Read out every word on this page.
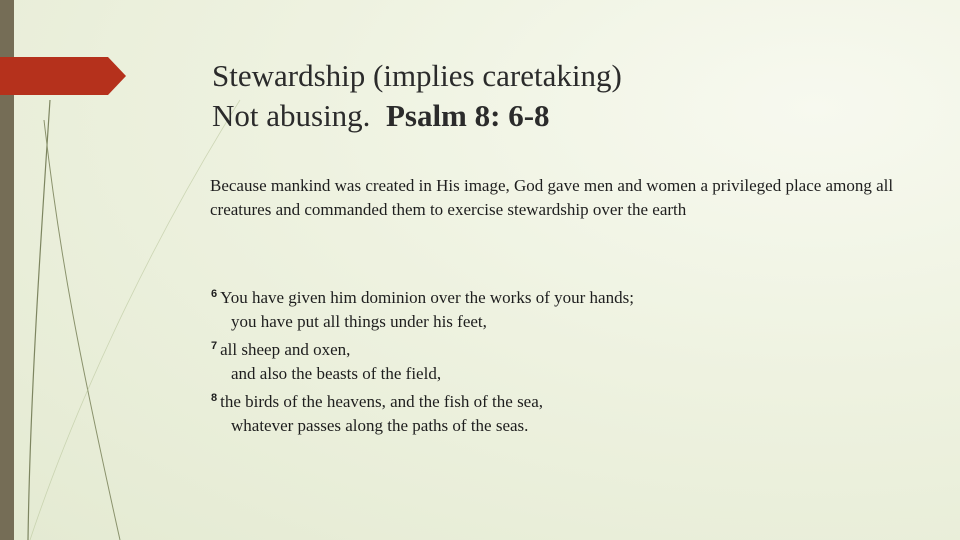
Stewardship (implies caretaking)
Not abusing.  Psalm 8: 6-8
Because mankind was created in His image, God gave men and women a privileged place among all creatures and commanded them to exercise stewardship over the earth
$^6$ You have given him dominion over the works of your hands;
you have put all things under his feet,
$^7$ all sheep and oxen,
and also the beasts of the field,
$^8$ the birds of the heavens, and the fish of the sea,
whatever passes along the paths of the seas.
